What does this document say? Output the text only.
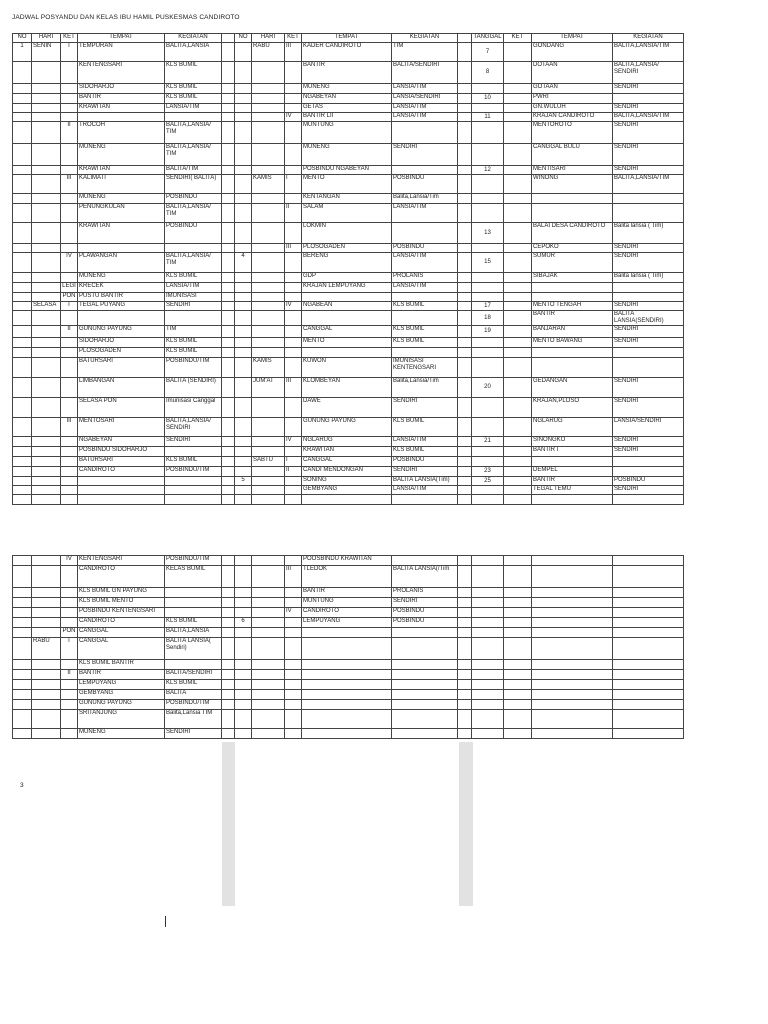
JADWAL POSYANDU DAN KELAS IBU HAMIL PUSKESMAS CANDIROTO
NO	HARI	KET	TEMPAT	KEGIATAN		NO	HARI	KET	TEMPAT	KEGIATAN		TANGGAL	KET	TEMPAT	KEGIATAN
1	SENIN	I	TEMPURAN	BALITA,LANSIA			RABU	III	KADER CANDIROTO	TIM		7		GONDANG	BALITA,LANSIA/TIM
			KENTENGSARI	KLS BUMIL					BANTIR	BALITA/SENDIRI		8		DOTAAN	BALITA,LANSIA/ SENDIRI
			SIDOHARJO	KLS BUMIL					MUNENG	LANSIA/TIM				GOTAAN	SENDIRI
			BANTIR	KLS BUMIL					NGABEYAN	LANSIA/SENDIRI		10		PWRI	
			KRAWITAN	LANSIA/TIM					GETAS	LANSIA/TIM				GN.WULUH	SENDIRI
								IV	BANTIR LII	LANSIA/TIM		11		KRAJAN CANDIROTO	BALITA,LANSIA/TIM
		II	TROCOH	BALITA,LANSIA/ TIM					MUNTUNG					MENTOROTO	SENDIRI
			MUNENG	BALITA,LANSIA/ TIM					MUNENG	SENDIRI				CANGGAL BULU	SENDIRI
			KRAWITAN	BALITA/TIM					POSBINDU NGABEYAN			12		MENTISARI	SENDIRI
		III	KALIMATI	SENDIRI( BALITA)			KAMIS	I	MENTO	POSBINDU				WINONG	BALITA,LANSIA/TIM
			MUNENG	POSBINDU					KENTANGAN	Balita,Lansia/Tim					
			PENUNGKULAN	BALITA,LANSIA/ TIM				II	SALAM	LANSIA/TIM					
			KRAWITAN	POSBINDU					LOKMIN			13		BALAI DESA CANDIROTO	Balita lansia ( Tim)
								III	PLOSOGADEN	POSBINDU				CEPOKO	SENDIRI
		IV	PLAWANGAN	BALITA,LANSIA/ TIM		4			BERENG	LANSIA/TIM		15		SUMUR	SENDIRI
			MUNENG	KLS BUMIL					GDP	PROLANIS				SIBAJAK	Balita lansia ( Tim)
		LEGI	KRECEK	LANSIA/TIM					KRAJAN LEMPUYANG	LANSIA/TIM					
		PON	PUSTU BANTIR	IMUNISASI											
	SELASA	I	TEGAL PUYANG	SENDIRI				IV	NGABEAN	KLS BUMIL		17		MENTO TENGAH	SENDIRI
												18		BANTIR	BALITA LANSIA(SENDIRI)
		II	GUNUNG PAYUNG	TIM					CANGGAL	KLS BUMIL		19		BANJARAN	SENDIRI
			SIDOHARJO	KLS BUMIL					MENTO	KLS BUMIL				MENTO BAWANG	SENDIRI
			PLOSOGADEN	KLS BUMIL											
			BATURSARI	POSBINDU/TIM			KAMIS		KUWON	IMUNISASI KENTENGSARI					
			LIMBANGAN	BALITA (SENDIRI)			JUM'AT	III	KLOMBEYAN	Balita,Lansia/Tim		20		GEDANGAN	SENDIRI
			SELASA PON	Imunisasi Canggal					DAWE	SENDIRI				KRAJAN,PLOSO	SENDIRI
		III	MENTOSARI	BALITA,LANSIA/ SENDIRI					GUNUNG PAYUNG	KLS BUMIL				NGLARUG	LANSIA/SENDIRI
			NGABEYAN	SENDIRI				IV	NGLARUG	LANSIA/TIM		21		SINONGKO	SENDIRI
			POSBINDU SIDOHARJO						KRAWITAN	KLS BUMIL				BANTIR I	SENDIRI
			BATURSARI	KLS BUMIL			SABTU	I	CANGGAL	POSBINDU					
			CANDIROTO	POSBINDU/TIM				II	CANDI MENDONGAN	SENDIRI		23		DEMPEL	
						5			SONING	BALITA LANSIA(Tim)		25		BANTIR	POSBINDU
									GEMBYANG	LANSIA/TIM				TEGAL TEMU	SENDIRI

		IV	KENTENGSARI	POSBINDU/TIM					POOSBINDU KRAWITAN						
			CANDIROTO	KELAS BUMIL				III	TLEDOK	BALITA LANSIA(/Tim					
			KLS BUMIL GN PAYUNG						BANTIR	PROLANIS					
			KLS BUMIL MENTO						MUNTUNG	SENDIRI					
			POSBINDU KENTENGSARI					IV	CANDIROTO	POSBINDU					
			CANDIROTO	KLS BUMIL		6			LEMPUYANG	POSBINDU					
		PON	CANGGAL	BALITA,LANSIA											
	RABU	I	CANGGAL	BALITA LANSIA( Sendiri)											
			KLS BUMIL BANTIR												
		II	BANTIR	BALITA/SENDIRI											
			LEMPUYANG	KLS BUMIL											
			GEMBYANG	BALITA											
			GUNUNG PAYUNG	POSBINDU/TIM											
			SRITANJUNG	Balita,Lansia TIM											
			MUNENG	SENDIRI											
3
